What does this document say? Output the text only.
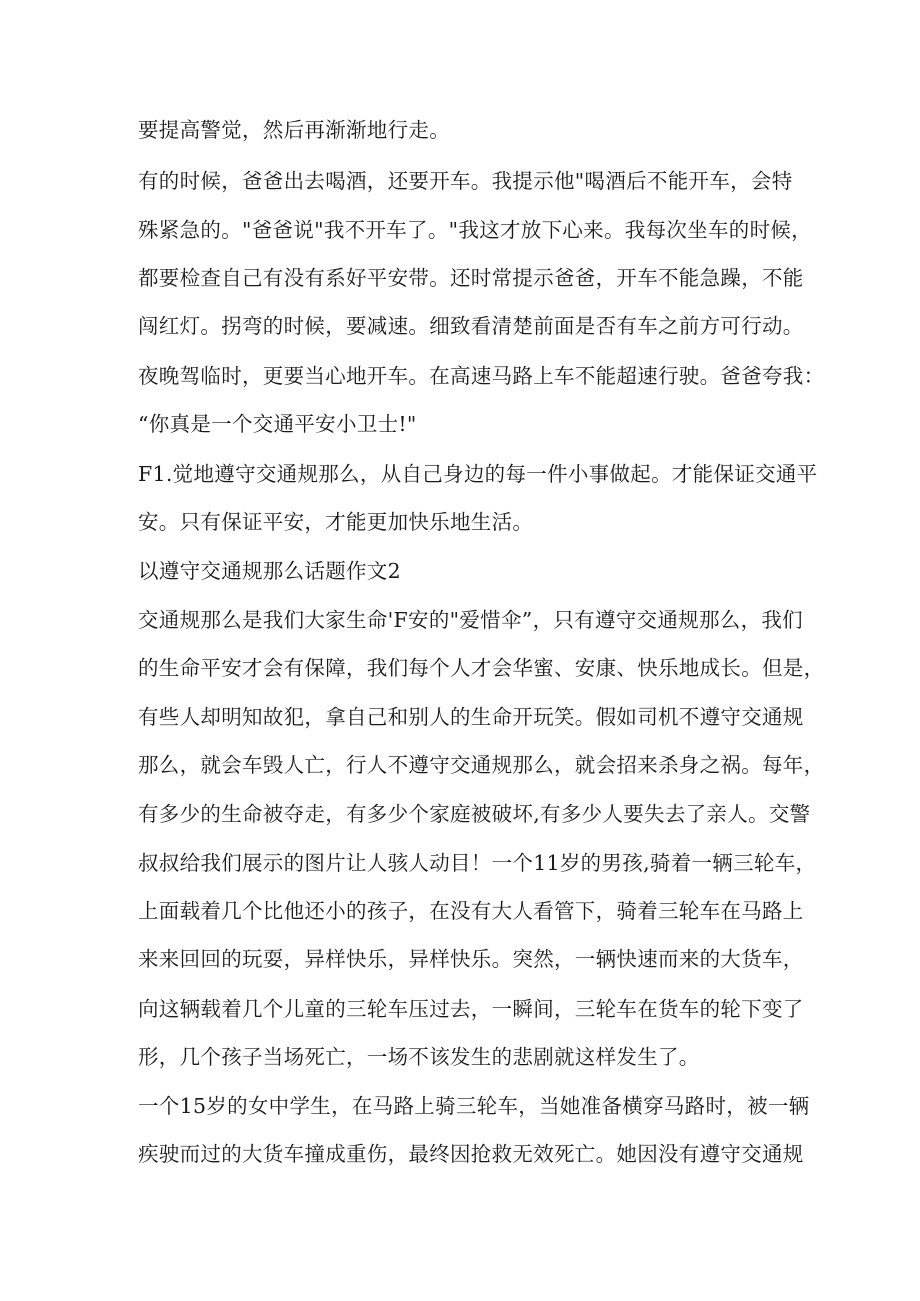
要提高警觉，然后再渐渐地行走。
有的时候，爸爸出去喝酒，还要开车。我提示他"喝酒后不能开车，会特
殊紧急的。"爸爸说"我不开车了。"我这才放下心来。我每次坐车的时候，
都要检查自己有没有系好平安带。还时常提示爸爸，开车不能急躁，不能
闯红灯。拐弯的时候，要减速。细致看清楚前面是否有车之前方可行动。
夜晚驾临时，更要当心地开车。在高速马路上车不能超速行驶。爸爸夸我：
“你真是一个交通平安小卫士!"
F1.觉地遵守交通规那么，从自己身边的每一件小事做起。才能保证交通平
安。只有保证平安，才能更加快乐地生活。
以遵守交通规那么话题作文2
交通规那么是我们大家生命'F安的"爱惜伞”，只有遵守交通规那么，我们
的生命平安才会有保障，我们每个人才会华蜜、安康、快乐地成长。但是，
有些人却明知故犯，拿自己和别人的生命开玩笑。假如司机不遵守交通规
那么，就会车毁人亡，行人不遵守交通规那么，就会招来杀身之祸。每年，
有多少的生命被夺走，有多少个家庭被破坏,有多少人要失去了亲人。交警
叔叔给我们展示的图片让人骇人动目！一个11岁的男孩,骑着一辆三轮车，
上面载着几个比他还小的孩子，在没有大人看管下，骑着三轮车在马路上
来来回回的玩耍，异样快乐，异样快乐。突然，一辆快速而来的大货车，
向这辆载着几个儿童的三轮车压过去，一瞬间，三轮车在货车的轮下变了
形，几个孩子当场死亡，一场不该发生的悲剧就这样发生了。
一个15岁的女中学生，在马路上骑三轮车，当她准备横穿马路时，被一辆
疾驶而过的大货车撞成重伤，最终因抢救无效死亡。她因没有遵守交通规
